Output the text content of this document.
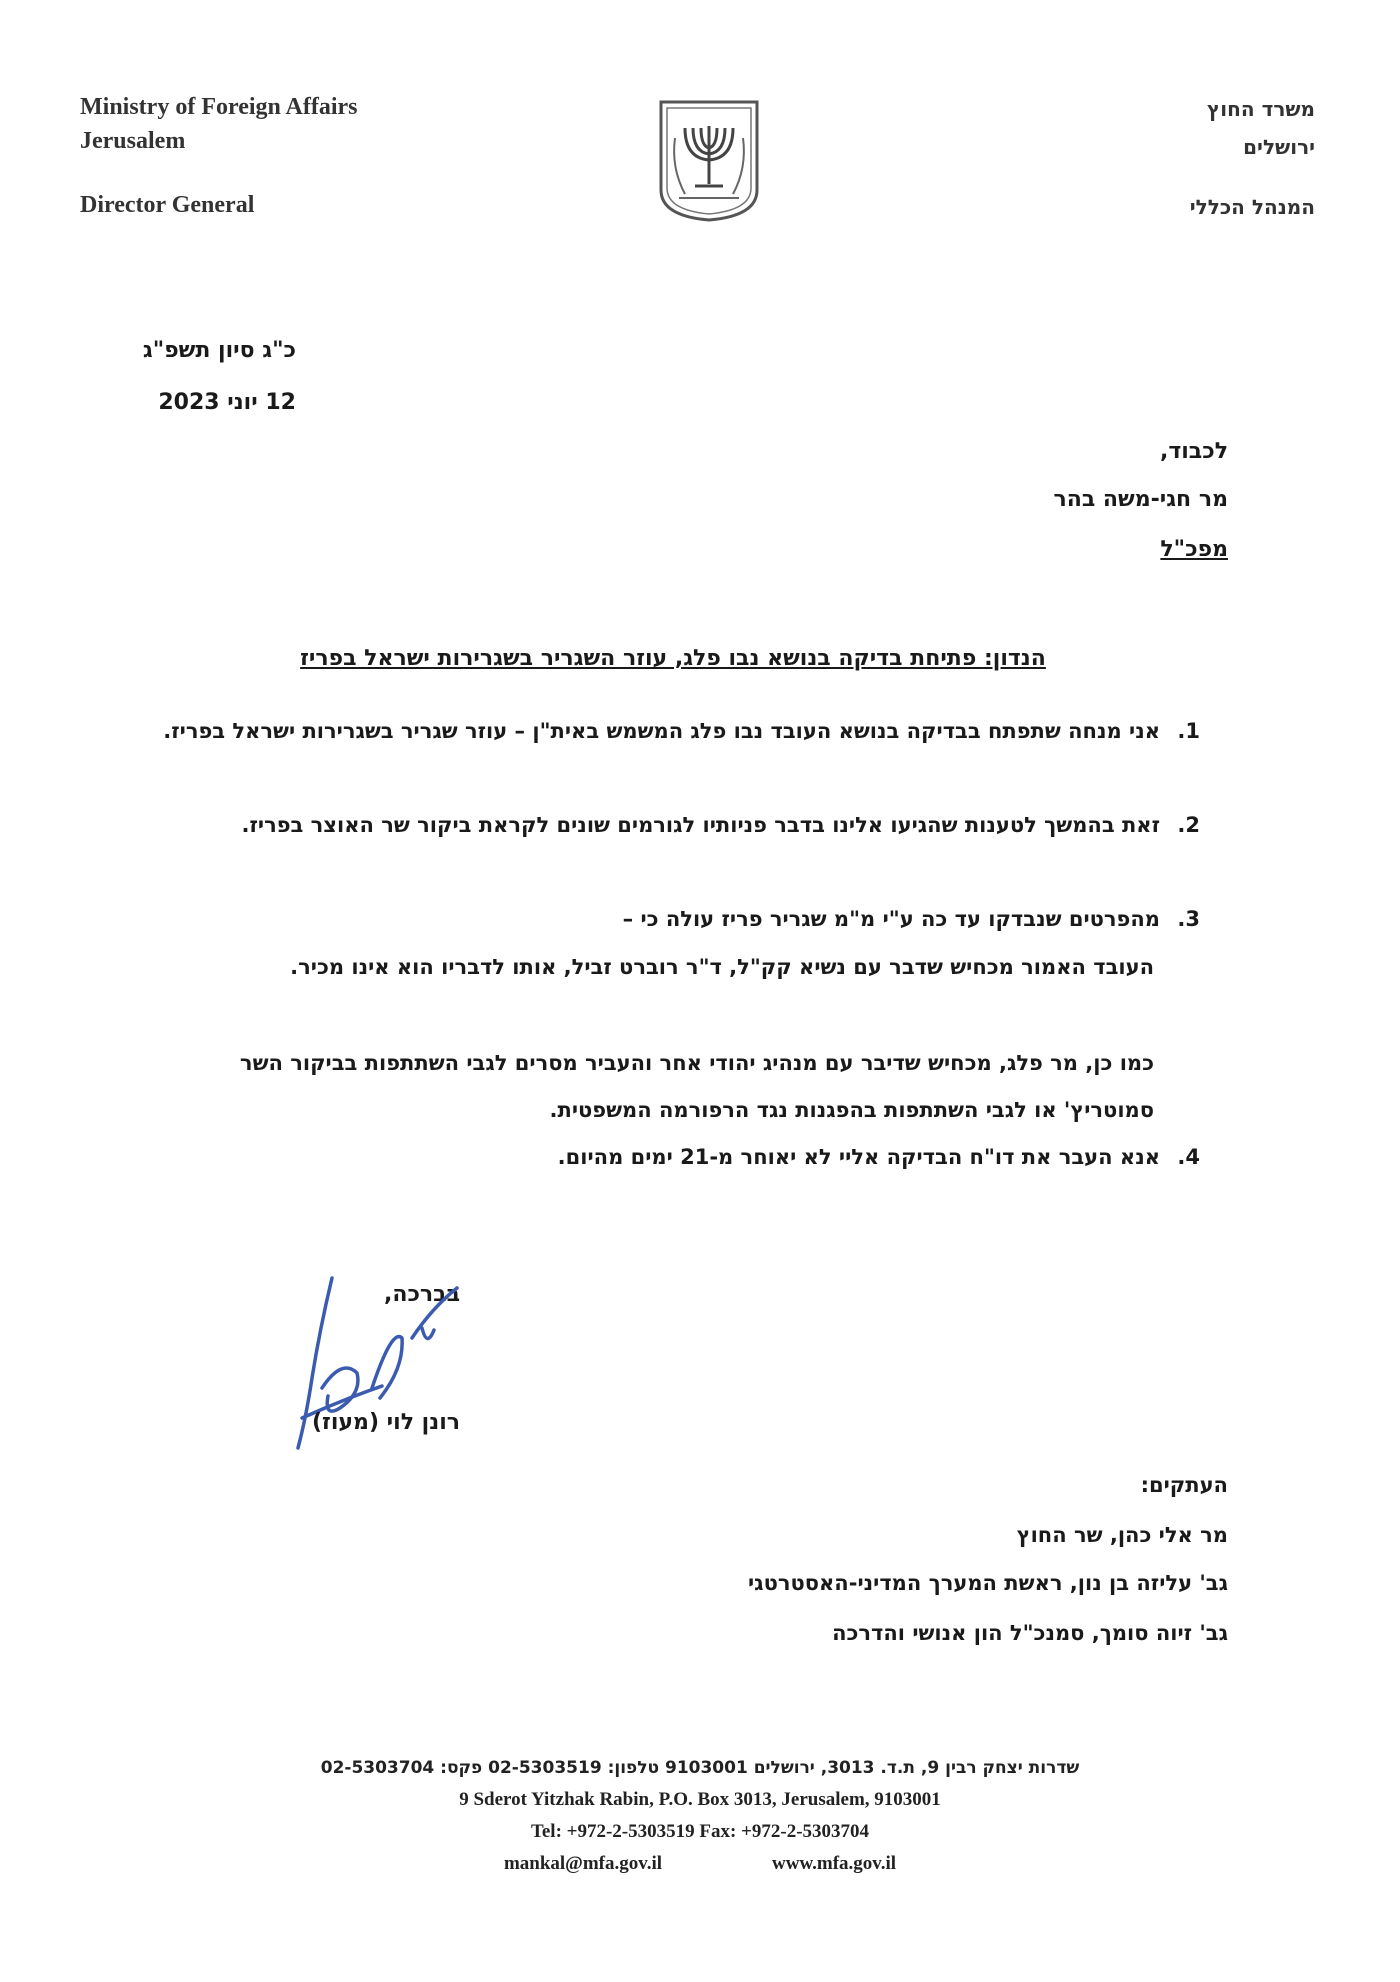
Ministry of Foreign Affairs
Jerusalem
Director General
משרד החוץ
ירושלים
המנהל הכללי
כ"ג סיון תשפ"ג
12 יוני 2023
לכבוד,
מר חגי-משה בהר
מפכ"ל
הנדון: פתיחת בדיקה בנושא נבו פלג, עוזר השגריר בשגרירות ישראל בפריז
1.אני מנחה שתפתח בבדיקה בנושא העובד נבו פלג המשמש באית"ן – עוזר שגריר בשגרירות ישראל בפריז.
2.זאת בהמשך לטענות שהגיעו אלינו בדבר פניותיו לגורמים שונים לקראת ביקור שר האוצר בפריז.
3.מהפרטים שנבדקו עד כה ע"י מ"מ שגריר פריז עולה כי –
העובד האמור מכחיש שדבר עם נשיא קק"ל, ד"ר רוברט זביל, אותו לדבריו הוא אינו מכיר.
כמו כן, מר פלג, מכחיש שדיבר עם מנהיג יהודי אחר והעביר מסרים לגבי השתתפות בביקור השר סמוטריץ' או לגבי השתתפות בהפגנות נגד הרפורמה המשפטית.
4.אנא העבר את דו"ח הבדיקה אליי לא יאוחר מ-21 ימים מהיום.
בברכה,
רונן לוי (מעוז)
העתקים:
מר אלי כהן, שר החוץ
גב' עליזה בן נון, ראשת המערך המדיני-האסטרטגי
גב' זיוה סומך, סמנכ"ל הון אנושי והדרכה
שדרות יצחק רבין 9, ת.ד. 3013, ירושלים 9103001 טלפון: 02-5303519 פקס: 02-5303704
9 Sderot Yitzhak Rabin, P.O. Box 3013, Jerusalem, 9103001
Tel: +972-2-5303519 Fax: +972-2-5303704
mankal@mfa.gov.il	www.mfa.gov.il
